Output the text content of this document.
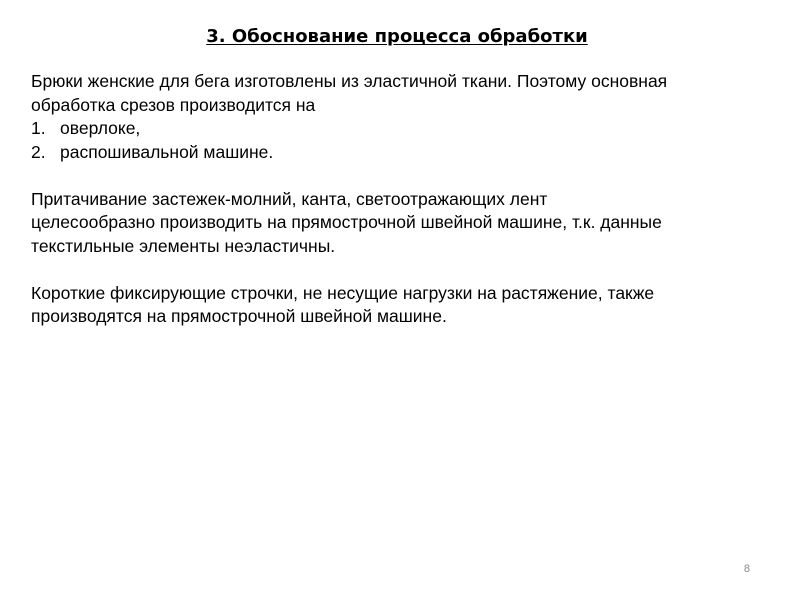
3. Обоснование процесса обработки

Брюки женские для бега изготовлены из эластичной ткани. Поэтому основная
обработка срезов производится на

1. оверлоке,
2. распошивальной машине.

Притачивание застежек-молний, канта, светоотражающих лент
целесообразно производить на прямострочной швейной машине, т.к. данные
текстильные элементы неэластичны.

Короткие фиксирующие строчки, не несущие нагрузки на растяжение, также
производятся на прямострочной швейной машине.

8
